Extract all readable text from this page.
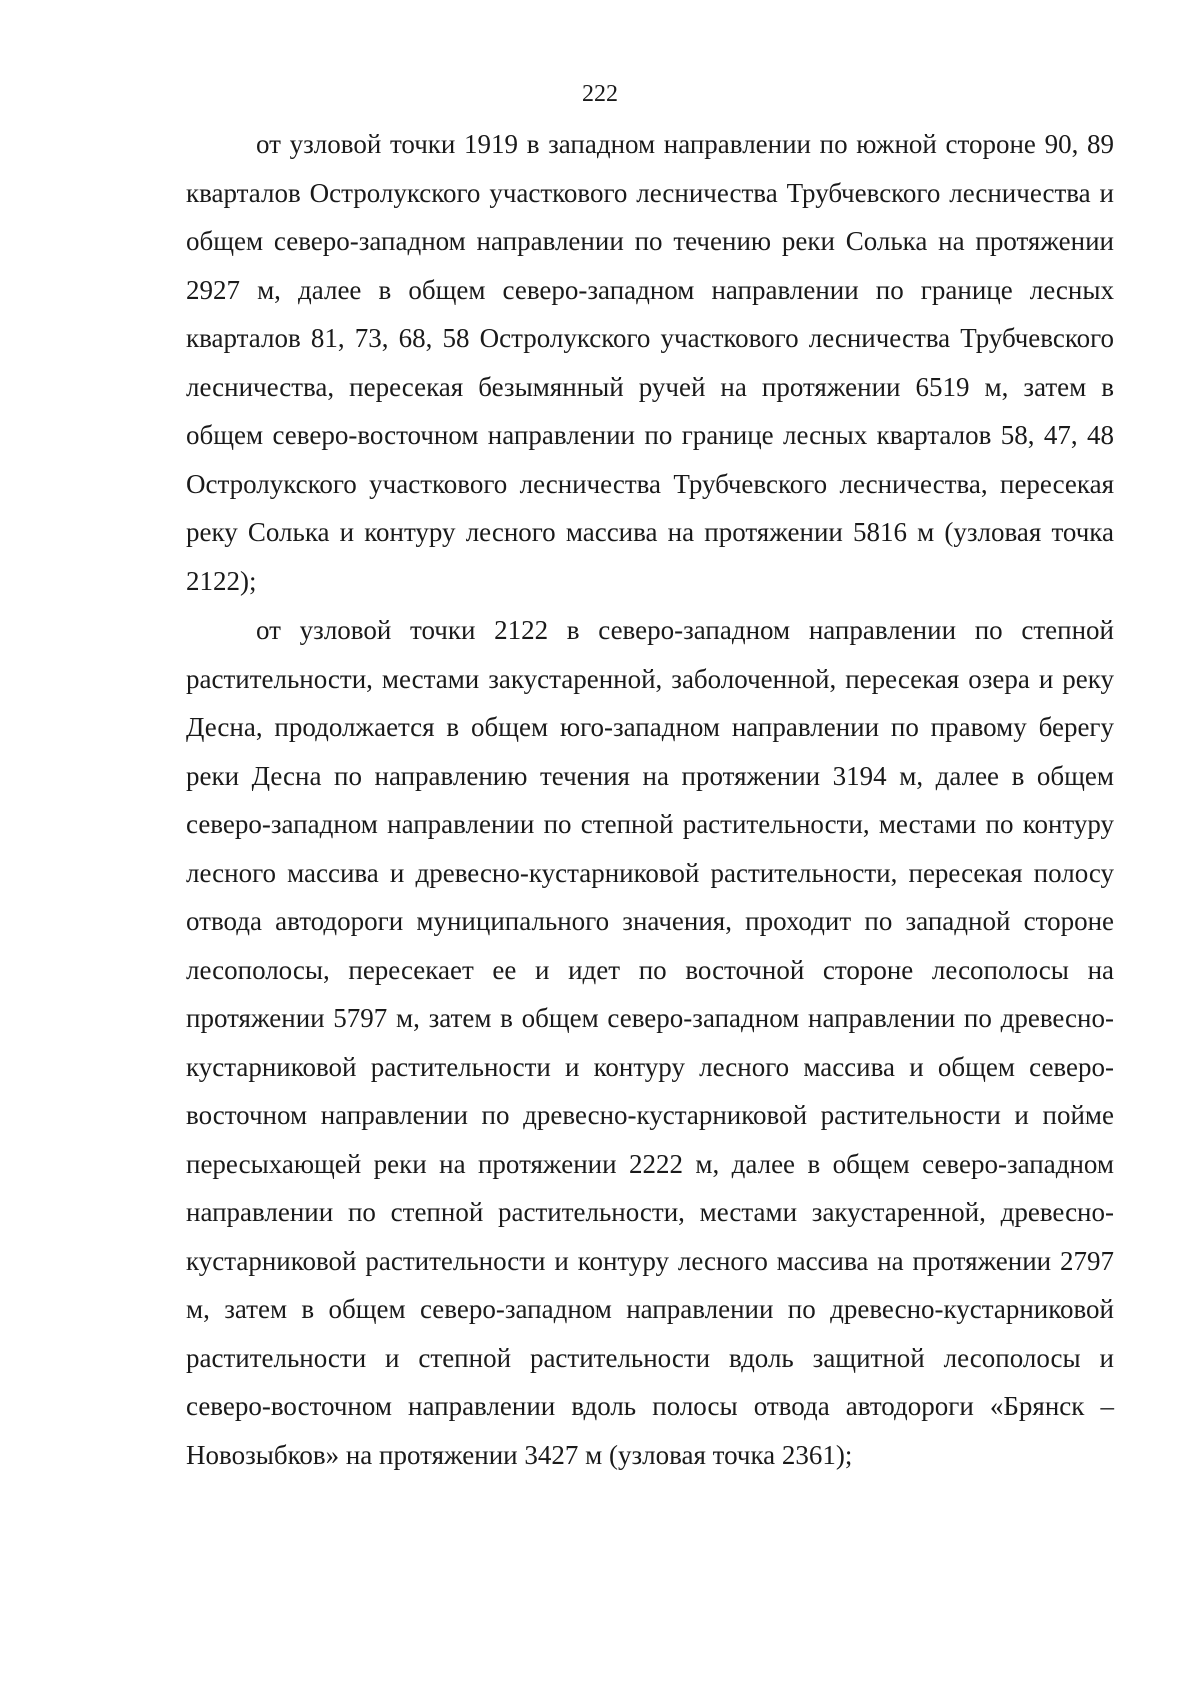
222

от узловой точки 1919 в западном направлении по южной стороне 90, 89 кварталов Остролукского участкового лесничества Трубчевского лесничества и общем северо-западном направлении по течению реки Солька на протяжении 2927 м, далее в общем северо-западном направлении по границе лесных кварталов 81, 73, 68, 58 Остролукского участкового лесничества Трубчевского лесничества, пересекая безымянный ручей на протяжении 6519 м, затем в общем северо-восточном направлении по границе лесных кварталов 58, 47, 48 Остролукского участкового лесничества Трубчевского лесничества, пересекая реку Солька и контуру лесного массива на протяжении 5816 м (узловая точка 2122);

от узловой точки 2122 в северо-западном направлении по степной растительности, местами закустаренной, заболоченной, пересекая озера и реку Десна, продолжается в общем юго-западном направлении по правому берегу реки Десна по направлению течения на протяжении 3194 м, далее в общем северо-западном направлении по степной растительности, местами по контуру лесного массива и древесно-кустарниковой растительности, пересекая полосу отвода автодороги муниципального значения, проходит по западной стороне лесополосы, пересекает ее и идет по восточной стороне лесополосы на протяжении 5797 м, затем в общем северо-западном направлении по древесно-кустарниковой растительности и контуру лесного массива и общем северо-восточном направлении по древесно-кустарниковой растительности и пойме пересыхающей реки на протяжении 2222 м, далее в общем северо-западном направлении по степной растительности, местами закустаренной, древесно-кустарниковой растительности и контуру лесного массива на протяжении 2797 м, затем в общем северо-западном направлении по древесно-кустарниковой растительности и степной растительности вдоль защитной лесополосы и северо-восточном направлении вдоль полосы отвода автодороги «Брянск – Новозыбков» на протяжении 3427 м (узловая точка 2361);
